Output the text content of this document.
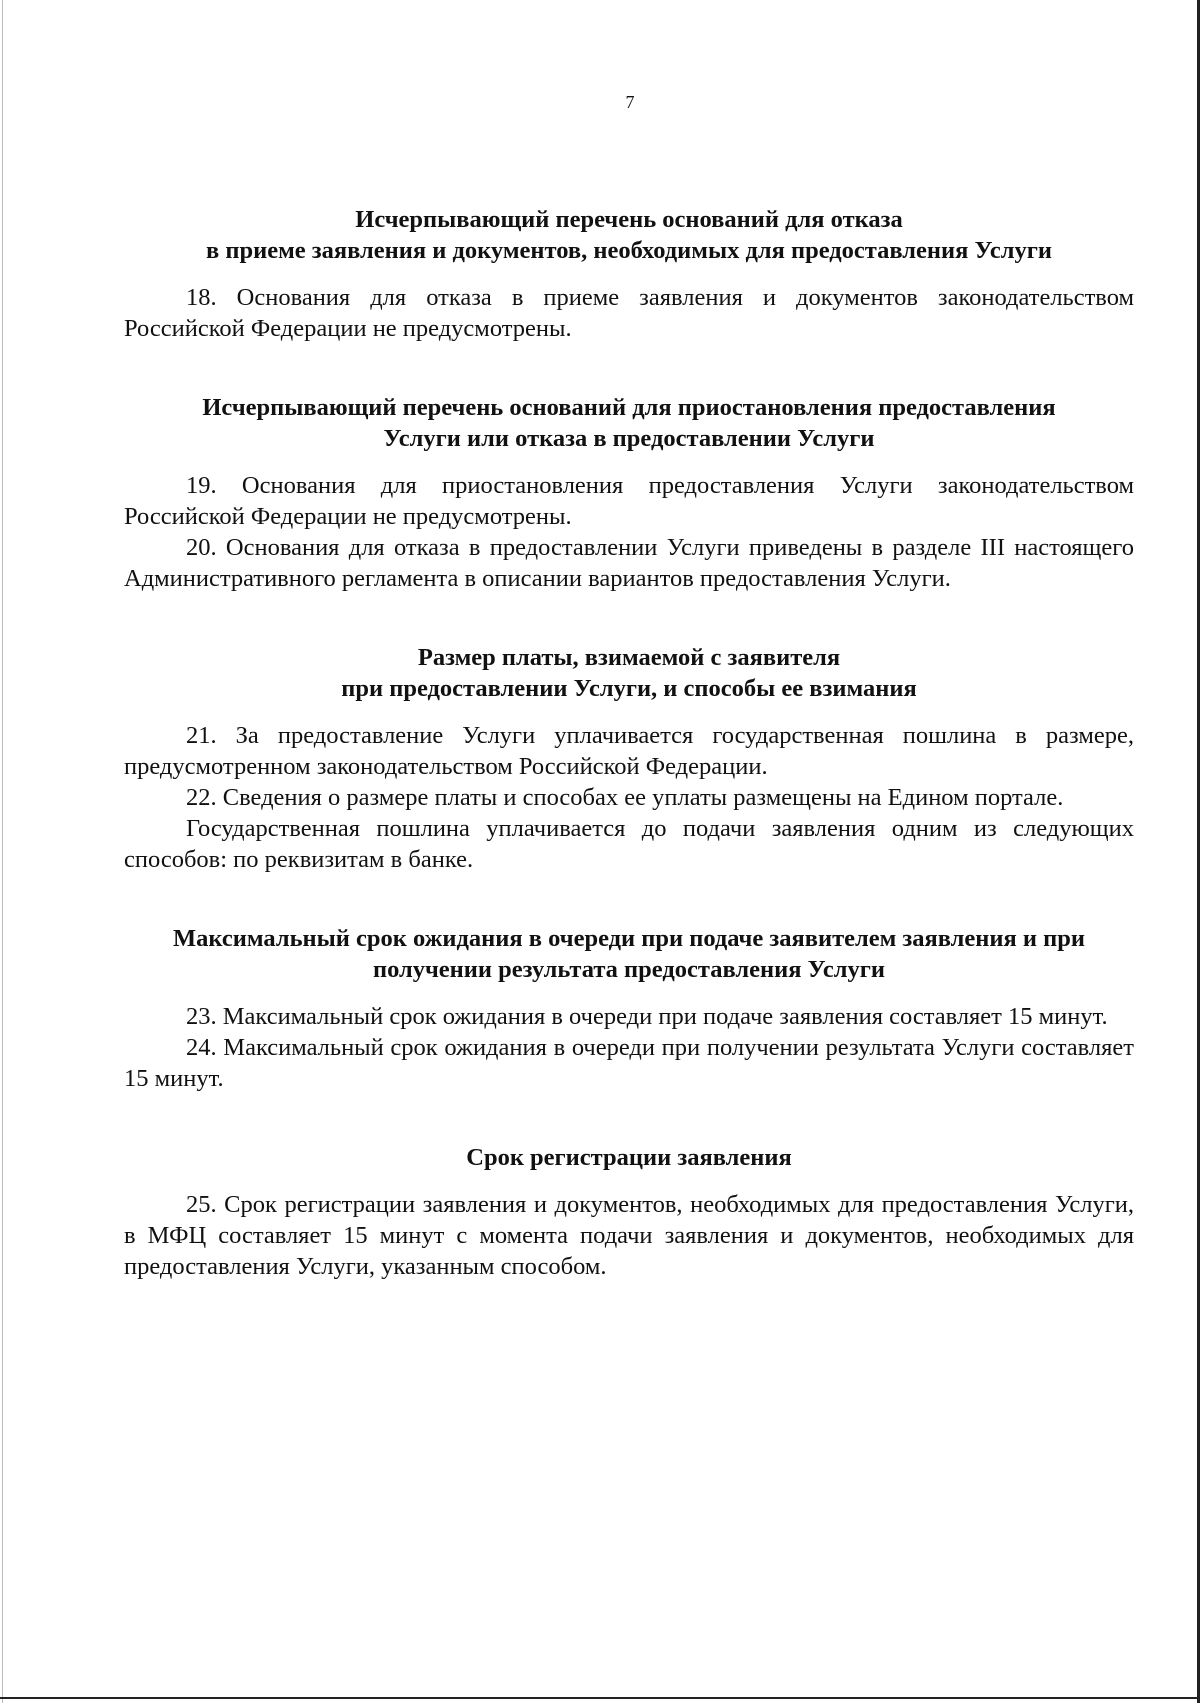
7
Исчерпывающий перечень оснований для отказа
в приеме заявления и документов, необходимых для предоставления Услуги

18. Основания для отказа в приеме заявления и документов законодательством Российской Федерации не предусмотрены.

Исчерпывающий перечень оснований для приостановления предоставления
Услуги или отказа в предоставлении Услуги

19. Основания для приостановления предоставления Услуги законодательством Российской Федерации не предусмотрены.

20. Основания для отказа в предоставлении Услуги приведены в разделе III настоящего Административного регламента в описании вариантов предоставления Услуги.

Размер платы, взимаемой с заявителя
при предоставлении Услуги, и способы ее взимания

21. За предоставление Услуги уплачивается государственная пошлина в размере, предусмотренном законодательством Российской Федерации.

22. Сведения о размере платы и способах ее уплаты размещены на Едином портале.

Государственная пошлина уплачивается до подачи заявления одним из следующих способов: по реквизитам в банке.

Максимальный срок ожидания в очереди при подаче заявителем заявления и при
получении результата предоставления Услуги

23. Максимальный срок ожидания в очереди при подаче заявления составляет 15 минут.

24. Максимальный срок ожидания в очереди при получении результата Услуги составляет 15 минут.

Срок регистрации заявления

25. Срок регистрации заявления и документов, необходимых для предоставления Услуги, в МФЦ составляет 15 минут с момента подачи заявления и документов, необходимых для предоставления Услуги, указанным способом.
